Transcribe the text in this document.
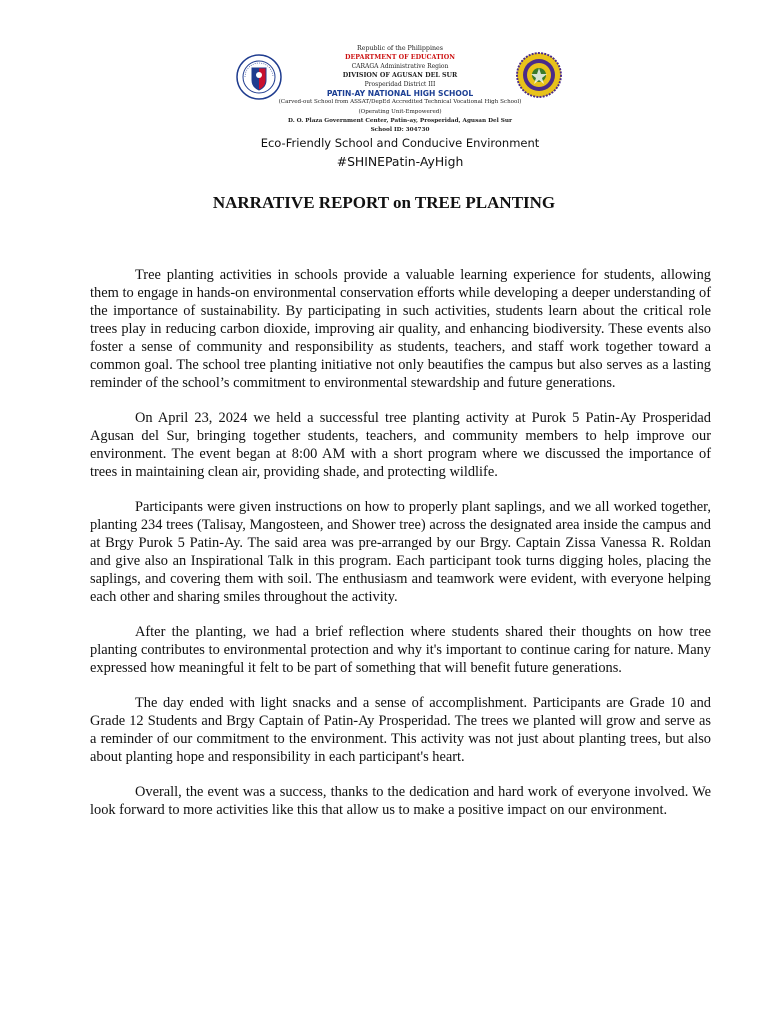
Republic of the Philippines
DEPARTMENT OF EDUCATION
CARAGA Administrative Region
DIVISION OF AGUSAN DEL SUR
Prosperidad District III
PATIN-AY NATIONAL HIGH SCHOOL
(Carved-out School from ASSAT/DepEd Accredited Technical Vocational High School)
(Operating Unit-Empowered)
D. O. Plaza Government Center, Patin-ay, Prosperidad, Agusan Del Sur
School ID: 304730
Eco-Friendly School and Conducive Environment
#SHINEPatin-AyHigh
NARRATIVE REPORT on TREE PLANTING

Tree planting activities in schools provide a valuable learning experience for students, allowing them to engage in hands-on environmental conservation efforts while developing a deeper understanding of the importance of sustainability. By participating in such activities, students learn about the critical role trees play in reducing carbon dioxide, improving air quality, and enhancing biodiversity. These events also foster a sense of community and responsibility as students, teachers, and staff work together toward a common goal. The school tree planting initiative not only beautifies the campus but also serves as a lasting reminder of the school’s commitment to environmental stewardship and future generations.

On April 23, 2024 we held a successful tree planting activity at Purok 5 Patin-Ay Prosperidad Agusan del Sur, bringing together students, teachers, and community members to help improve our environment. The event began at 8:00 AM with a short program where we discussed the importance of trees in maintaining clean air, providing shade, and protecting wildlife.

Participants were given instructions on how to properly plant saplings, and we all worked together, planting 234 trees (Talisay, Mangosteen, and Shower tree) across the designated area inside the campus and at Brgy Purok 5 Patin-Ay. The said area was pre-arranged by our Brgy. Captain Zissa Vanessa R. Roldan and give also an Inspirational Talk in this program. Each participant took turns digging holes, placing the saplings, and covering them with soil. The enthusiasm and teamwork were evident, with everyone helping each other and sharing smiles throughout the activity.

After the planting, we had a brief reflection where students shared their thoughts on how tree planting contributes to environmental protection and why it's important to continue caring for nature. Many expressed how meaningful it felt to be part of something that will benefit future generations.

The day ended with light snacks and a sense of accomplishment. Participants are Grade 10 and Grade 12 Students and Brgy Captain of Patin-Ay Prosperidad. The trees we planted will grow and serve as a reminder of our commitment to the environment. This activity was not just about planting trees, but also about planting hope and responsibility in each participant's heart.

Overall, the event was a success, thanks to the dedication and hard work of everyone involved. We look forward to more activities like this that allow us to make a positive impact on our environment.
